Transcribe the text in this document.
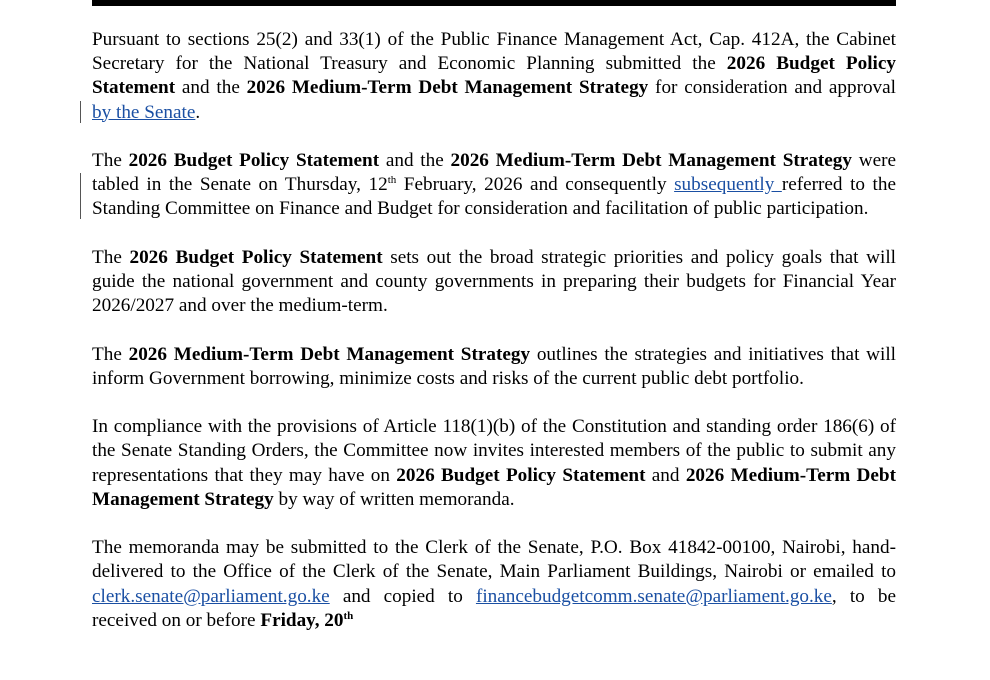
Pursuant to sections 25(2) and 33(1) of the Public Finance Management Act, Cap. 412A, the Cabinet Secretary for the National Treasury and Economic Planning submitted the 2026 Budget Policy Statement and the 2026 Medium-Term Debt Management Strategy for consideration and approval by the Senate.

The 2026 Budget Policy Statement and the 2026 Medium-Term Debt Management Strategy were tabled in the Senate on Thursday, 12th February, 2026 and consequently subsequently referred to the Standing Committee on Finance and Budget for consideration and facilitation of public participation.

The 2026 Budget Policy Statement sets out the broad strategic priorities and policy goals that will guide the national government and county governments in preparing their budgets for Financial Year 2026/2027 and over the medium-term.

The 2026 Medium-Term Debt Management Strategy outlines the strategies and initiatives that will inform Government borrowing, minimize costs and risks of the current public debt portfolio.

In compliance with the provisions of Article 118(1)(b) of the Constitution and standing order 186(6) of the Senate Standing Orders, the Committee now invites interested members of the public to submit any representations that they may have on 2026 Budget Policy Statement and 2026 Medium-Term Debt Management Strategy by way of written memoranda.

The memoranda may be submitted to the Clerk of the Senate, P.O. Box 41842-00100, Nairobi, hand-delivered to the Office of the Clerk of the Senate, Main Parliament Buildings, Nairobi or emailed to clerk.senate@parliament.go.ke and copied to financebudgetcomm.senate@parliament.go.ke, to be received on or before Friday, 20th
